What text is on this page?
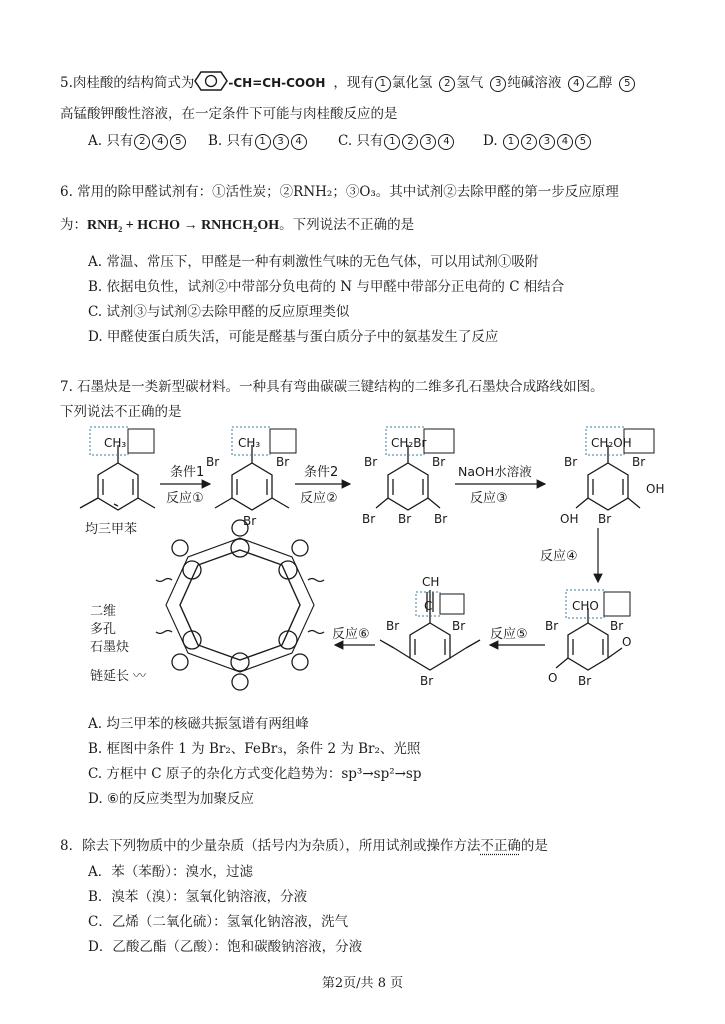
5.肉桂酸的结构简式为	-CH=CH-COOH ，现有 1 氯化氢 2 氢气 3 纯碱溶液 4 乙醇 5
高锰酸钾酸性溶液，在一定条件下可能与肉桂酸反应的是
A. 只有 2 4 5 B. 只有 1 3 4	C. 只有 1 2 3 4 D. 1 2 3 4 5
6. 常用的除甲醛试剂有：①活性炭；②RNH₂；③O₃。其中试剂②去除甲醛的第一步反应原理
为：RNH₂ + HCHO → RNHCH₂OH。下列说法不正确的是
A. 常温、常压下，甲醛是一种有刺激性气味的无色气体，可以用试剂①吸附
B. 依据电负性，试剂②中带部分负电荷的 N 与甲醛中带部分正电荷的 C 相结合
C. 试剂③与试剂②去除甲醛的反应原理类似
D. 甲醛使蛋白质失活，可能是醛基与蛋白质分子中的氨基发生了反应
7. 石墨炔是一类新型碳材料。一种具有弯曲碳碳三键结构的二维多孔石墨炔合成路线如图。
下列说法不正确的是
CH₃
均三甲苯
CH₃
Br	Br
Br
CH₂Br
Br	Br
Br Br Br
CH₂OH
Br	Br
OH Br
OH
CHO
Br	Br
O Br
O
CH
C
Br	Br
Br
条件1
反应①
条件2
反应②
NaOH水溶液
反应③
反应④
反应⑤
反应⑥
二维
多孔
石墨炔
链延长 〰
A. 均三甲苯的核磁共振氢谱有两组峰
B. 框图中条件 1 为 Br₂、FeBr₃，条件 2 为 Br₂、光照
C. 方框中 C 原子的杂化方式变化趋势为：sp³→sp²→sp
D. ⑥的反应类型为加聚反应
8．除去下列物质中的少量杂质（括号内为杂质），所用试剂或操作方法不正确的是
A．苯（苯酚）：溴水，过滤
B．溴苯（溴）：氢氧化钠溶液，分液
C．乙烯（二氧化硫）：氢氧化钠溶液，洗气
D．乙酸乙酯（乙酸）：饱和碳酸钠溶液，分液
第2页/共 8 页
